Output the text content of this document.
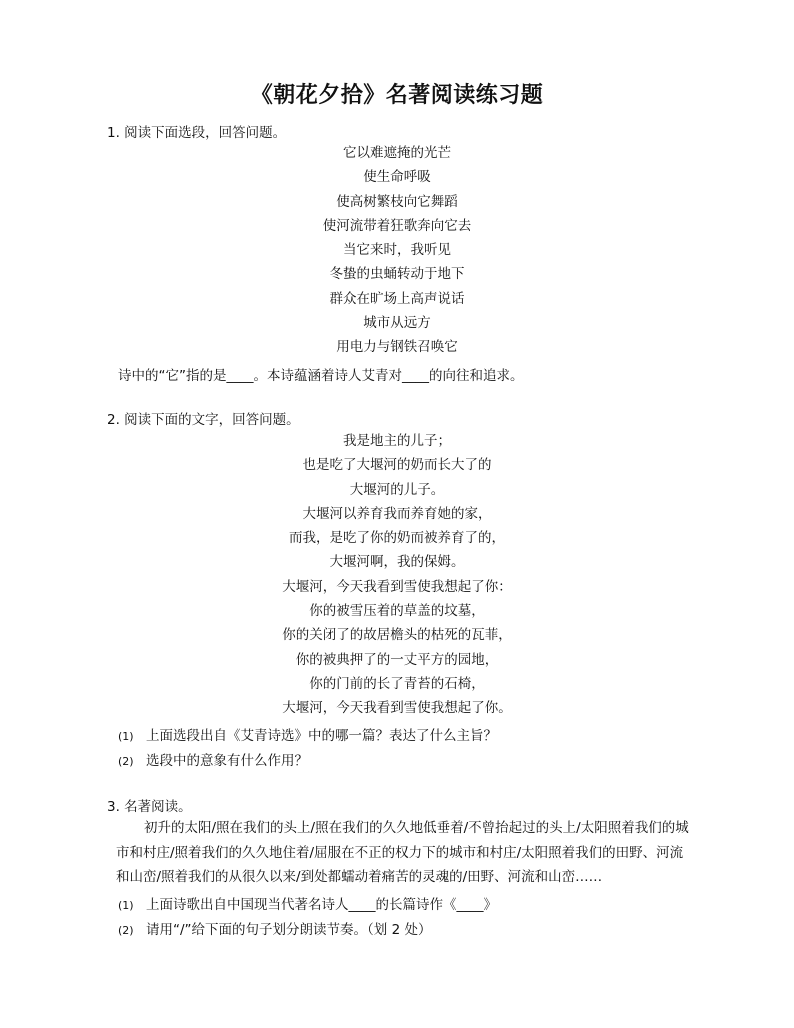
《朝花夕拾》名著阅读练习题
1. 阅读下面选段，回答问题。
它以难遮掩的光芒
使生命呼吸
使高树繁枝向它舞蹈
使河流带着狂歌奔向它去
当它来时，我听见
冬蛰的虫蛹转动于地下
群众在旷场上高声说话
城市从远方
用电力与钢铁召唤它
诗中的“它”指的是____。本诗蕴涵着诗人艾青对____的向往和追求。
2. 阅读下面的文字，回答问题。
我是地主的儿子；
也是吃了大堰河的奶而长大了的
大堰河的儿子。
大堰河以养育我而养育她的家，
而我，是吃了你的奶而被养育了的，
大堰河啊，我的保姆。
大堰河，今天我看到雪使我想起了你：
你的被雪压着的草盖的坟墓，
你的关闭了的故居檐头的枯死的瓦菲，
你的被典押了的一丈平方的园地，
你的门前的长了青苔的石椅，
大堰河，今天我看到雪使我想起了你。
(1) 上面选段出自《艾青诗选》中的哪一篇？表达了什么主旨？
(2) 选段中的意象有什么作用？
3. 名著阅读。
初升的太阳/照在我们的头上/照在我们的久久地低垂着/不曾抬起过的头上/太阳照着我们的城
市和村庄/照着我们的久久地住着/屈服在不正的权力下的城市和村庄/太阳照着我们的田野、河流
和山峦/照着我们的从很久以来/到处都蠕动着痛苦的灵魂的/田野、河流和山峦……
(1) 上面诗歌出自中国现当代著名诗人____的长篇诗作《____》
(2) 请用“/”给下面的句子划分朗读节奏。（划 2 处）
